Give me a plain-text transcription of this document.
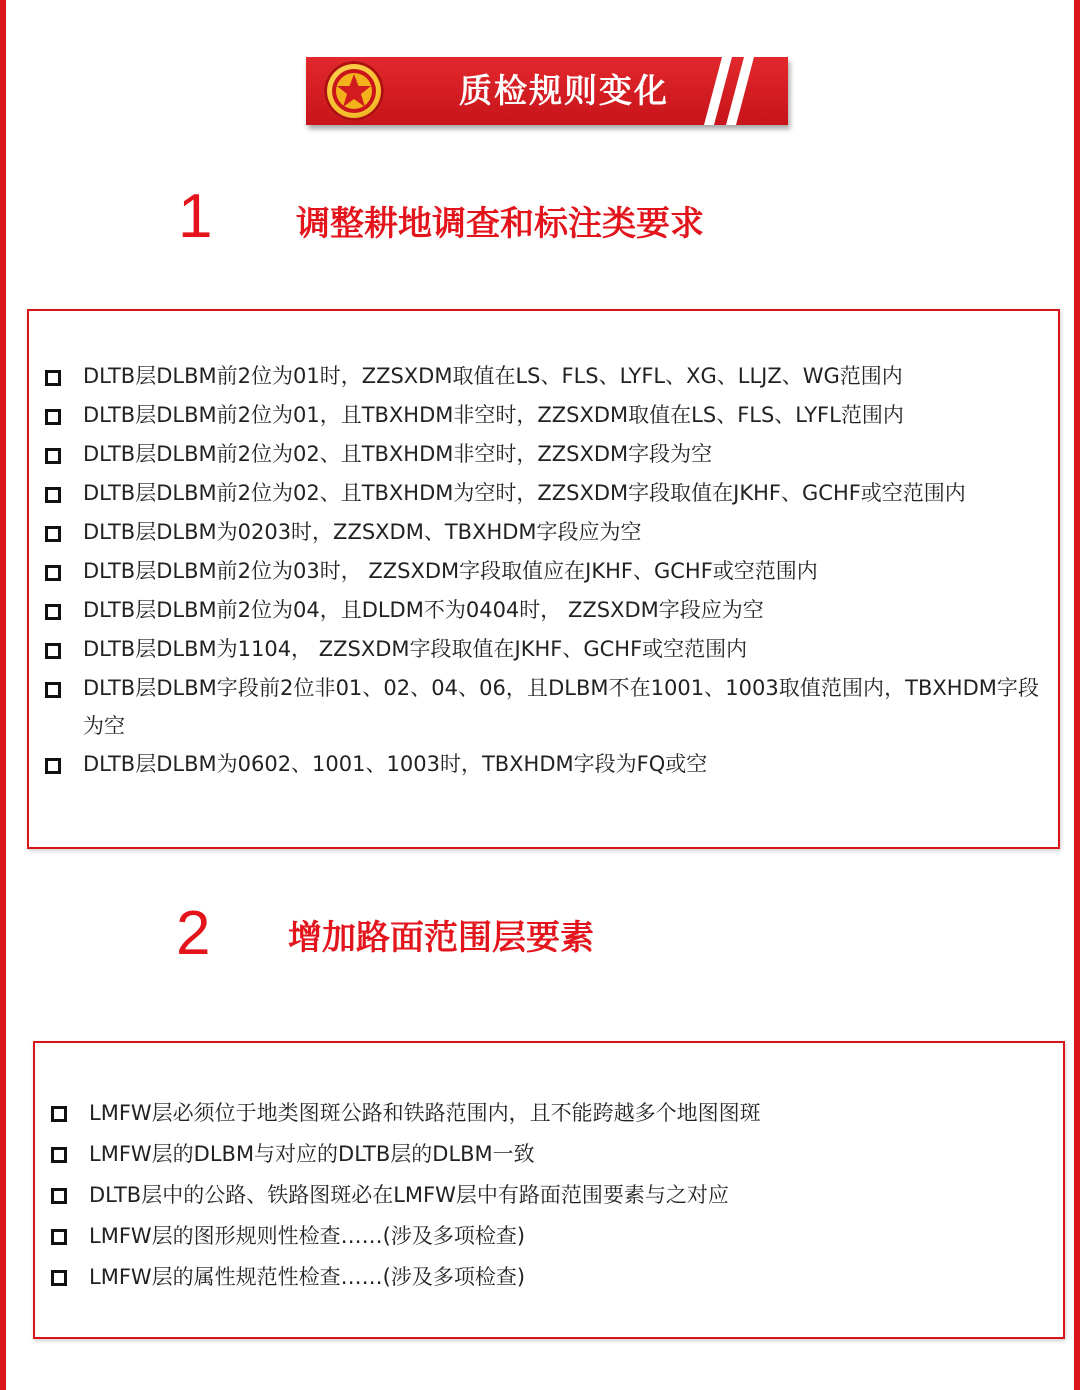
质检规则变化
1 调整耕地调查和标注类要求
DLTB层DLBM前2位为01时，ZZSXDM取值在LS、FLS、LYFL、XG、LLJZ、WG范围内
DLTB层DLBM前2位为01，且TBXHDM非空时，ZZSXDM取值在LS、FLS、LYFL范围内
DLTB层DLBM前2位为02、且TBXHDM非空时，ZZSXDM字段为空
DLTB层DLBM前2位为02、且TBXHDM为空时，ZZSXDM字段取值在JKHF、GCHF或空范围内
DLTB层DLBM为0203时，ZZSXDM、TBXHDM字段应为空
DLTB层DLBM前2位为03时， ZZSXDM字段取值应在JKHF、GCHF或空范围内
DLTB层DLBM前2位为04，且DLDM不为0404时， ZZSXDM字段应为空
DLTB层DLBM为1104， ZZSXDM字段取值在JKHF、GCHF或空范围内
DLTB层DLBM字段前2位非01、02、04、06，且DLBM不在1001、1003取值范围内，TBXHDM字段为空
DLTB层DLBM为0602、1001、1003时，TBXHDM字段为FQ或空
2 增加路面范围层要素
LMFW层必须位于地类图斑公路和铁路范围内，且不能跨越多个地图图斑
LMFW层的DLBM与对应的DLTB层的DLBM一致
DLTB层中的公路、铁路图斑必在LMFW层中有路面范围要素与之对应
LMFW层的图形规则性检查……(涉及多项检查)
LMFW层的属性规范性检查……(涉及多项检查)
